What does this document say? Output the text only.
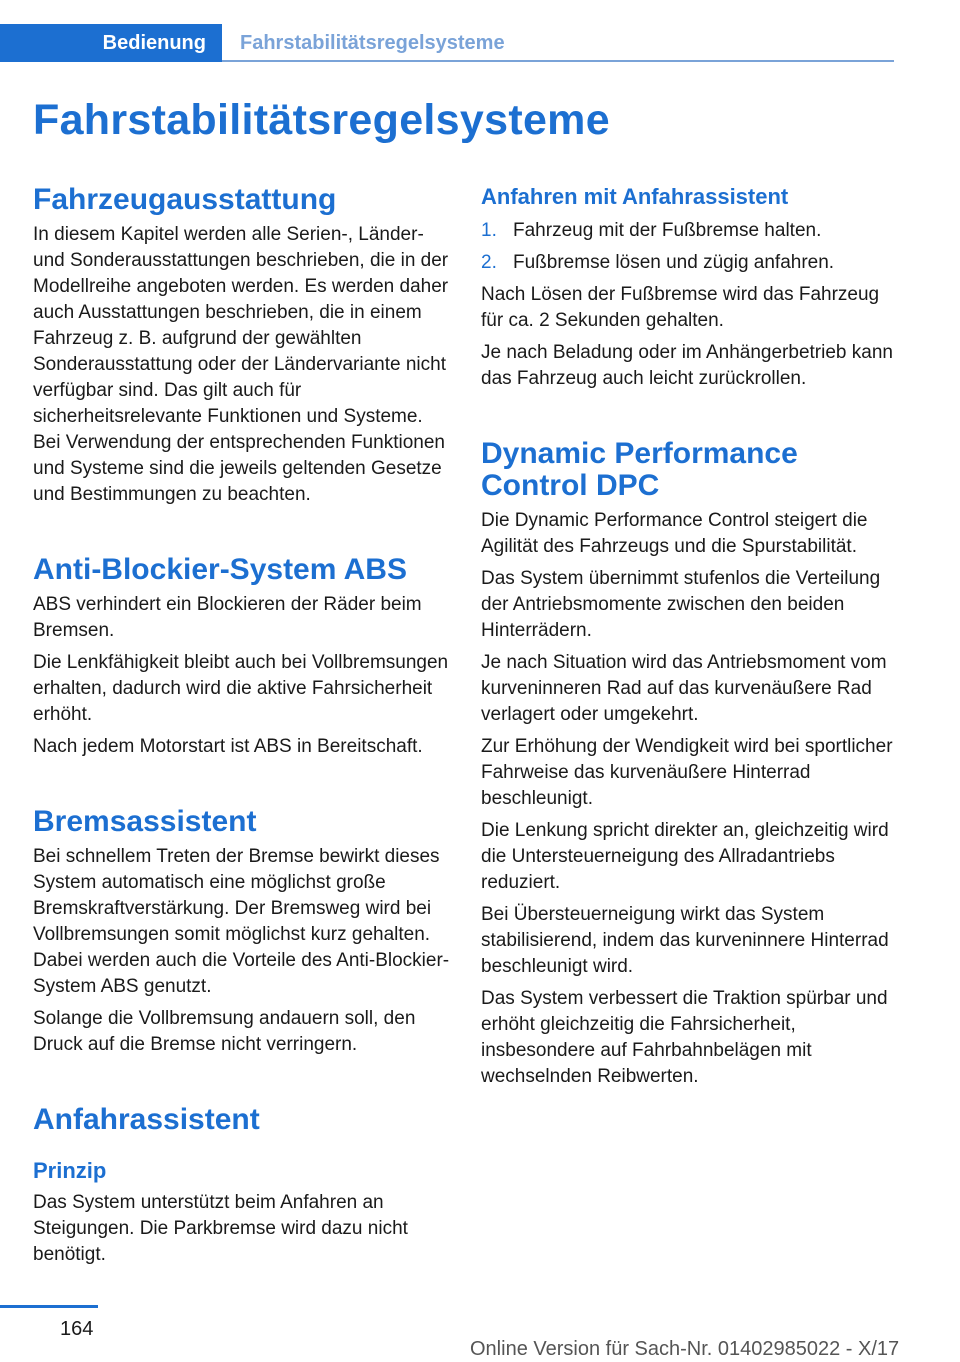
Bedienung	Fahrstabilitätsregelsysteme
Fahrstabilitätsregelsysteme
Fahrzeugausstattung

In diesem Kapitel werden alle Serien-, Länder- und Sonderausstattungen beschrieben, die in der Modellreihe angeboten werden. Es werden daher auch Ausstattungen beschrieben, die in einem Fahrzeug z. B. aufgrund der gewählten Sonderausstattung oder der Ländervariante nicht verfügbar sind. Das gilt auch für sicherheitsrelevante Funktionen und Systeme. Bei Verwendung der entsprechenden Funktionen und Systeme sind die jeweils geltenden Gesetze und Bestimmungen zu beachten.

Anti-Blockier-System ABS

ABS verhindert ein Blockieren der Räder beim Bremsen.

Die Lenkfähigkeit bleibt auch bei Vollbremsungen erhalten, dadurch wird die aktive Fahrsicherheit erhöht.

Nach jedem Motorstart ist ABS in Bereitschaft.

Bremsassistent

Bei schnellem Treten der Bremse bewirkt dieses System automatisch eine möglichst große Bremskraftverstärkung. Der Bremsweg wird bei Vollbremsungen somit möglichst kurz gehalten. Dabei werden auch die Vorteile des Anti-Blockier-System ABS genutzt.

Solange die Vollbremsung andauern soll, den Druck auf die Bremse nicht verringern.

Anfahrassistent
Prinzip

Das System unterstützt beim Anfahren an Steigungen. Die Parkbremse wird dazu nicht benötigt.

Anfahren mit Anfahrassistent
1. Fahrzeug mit der Fußbremse halten.
2. Fußbremse lösen und zügig anfahren.

Nach Lösen der Fußbremse wird das Fahrzeug für ca. 2 Sekunden gehalten.

Je nach Beladung oder im Anhängerbetrieb kann das Fahrzeug auch leicht zurückrollen.

Dynamic Performance Control DPC

Die Dynamic Performance Control steigert die Agilität des Fahrzeugs und die Spurstabilität.

Das System übernimmt stufenlos die Verteilung der Antriebsmomente zwischen den beiden Hinterrädern.

Je nach Situation wird das Antriebsmoment vom kurveninneren Rad auf das kurvenäußere Rad verlagert oder umgekehrt.

Zur Erhöhung der Wendigkeit wird bei sportlicher Fahrweise das kurvenäußere Hinterrad beschleunigt.

Die Lenkung spricht direkter an, gleichzeitig wird die Untersteuerneigung des Allradantriebs reduziert.

Bei Übersteuerneigung wirkt das System stabilisierend, indem das kurveninnere Hinterrad beschleunigt wird.

Das System verbessert die Traktion spürbar und erhöht gleichzeitig die Fahrsicherheit, insbesondere auf Fahrbahnbelägen mit wechselnden Reibwerten.

164
Online Version für Sach-Nr. 01402985022 - X/17
